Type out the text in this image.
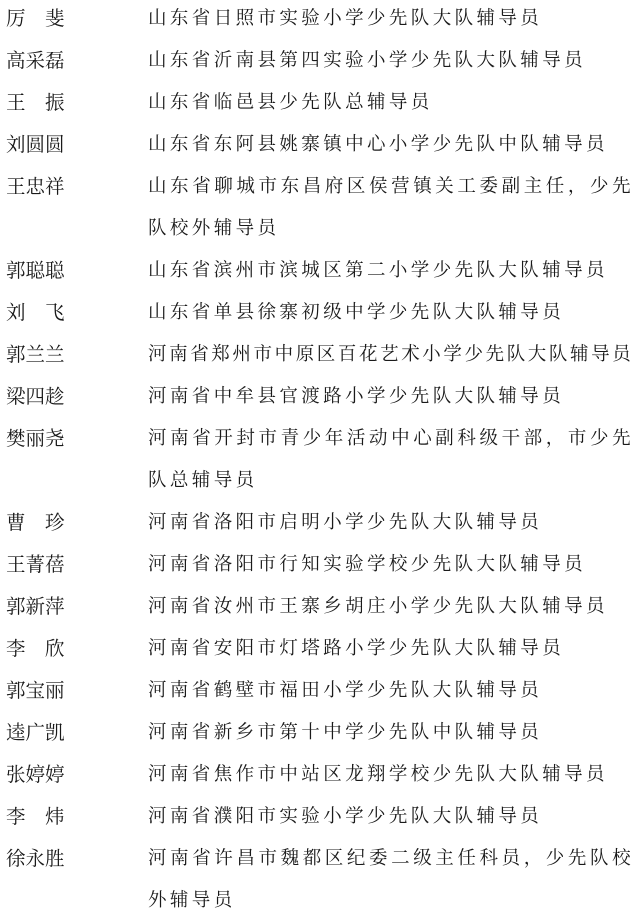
厉　斐	山东省日照市实验小学少先队大队辅导员
高采磊	山东省沂南县第四实验小学少先队大队辅导员
王　振	山东省临邑县少先队总辅导员
刘圆圆	山东省东阿县姚寨镇中心小学少先队中队辅导员
王忠祥	山东省聊城市东昌府区侯营镇关工委副主任，少先队校外辅导员
郭聪聪	山东省滨州市滨城区第二小学少先队大队辅导员
刘　飞	山东省单县徐寨初级中学少先队大队辅导员
郭兰兰	河南省郑州市中原区百花艺术小学少先队大队辅导员
梁四趁	河南省中牟县官渡路小学少先队大队辅导员
樊丽尧	河南省开封市青少年活动中心副科级干部，市少先队总辅导员
曹　珍	河南省洛阳市启明小学少先队大队辅导员
王菁蓓	河南省洛阳市行知实验学校少先队大队辅导员
郭新萍	河南省汝州市王寨乡胡庄小学少先队大队辅导员
李　欣	河南省安阳市灯塔路小学少先队大队辅导员
郭宝丽	河南省鹤壁市福田小学少先队大队辅导员
逵广凯	河南省新乡市第十中学少先队中队辅导员
张婷婷	河南省焦作市中站区龙翔学校少先队大队辅导员
李　炜	河南省濮阳市实验小学少先队大队辅导员
徐永胜	河南省许昌市魏都区纪委二级主任科员，少先队校外辅导员
